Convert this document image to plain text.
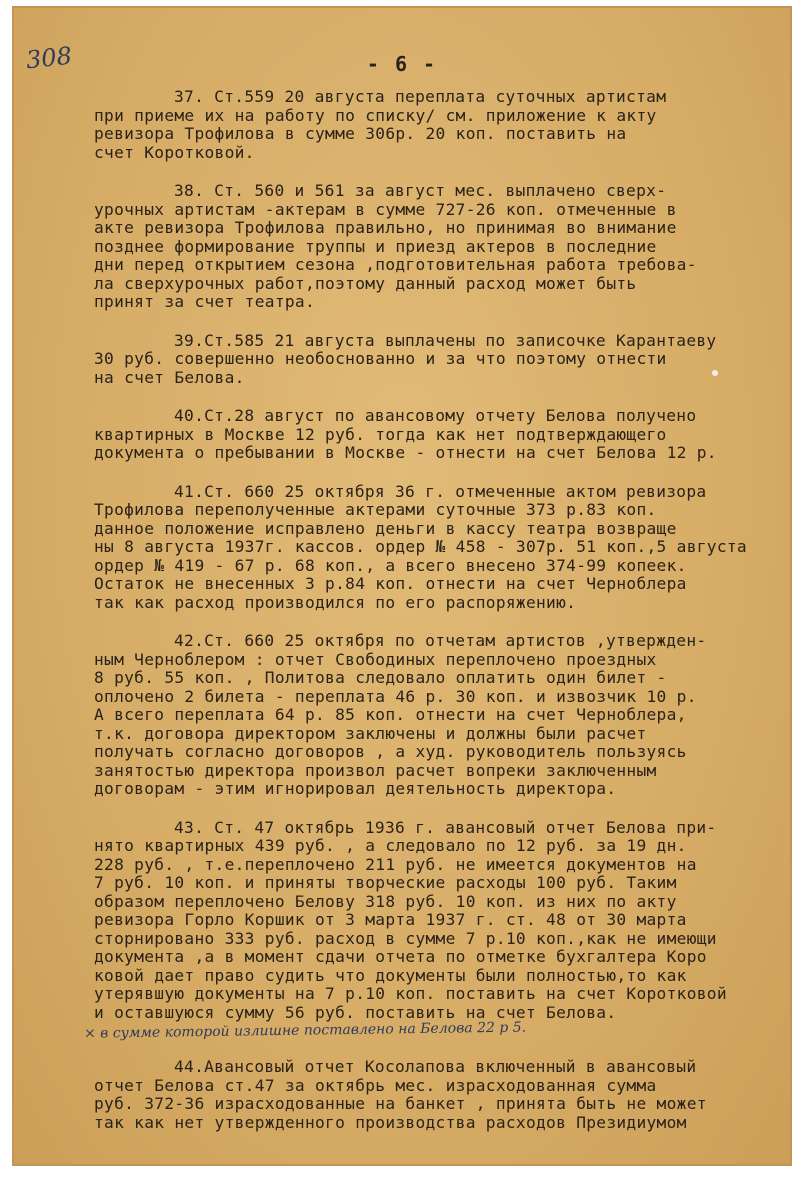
308	- 6 -
37. Ст.559 20 августа переплата суточных артистам
при приеме их на работу по списку/ см. приложение к акту
ревизора Трофилова в сумме 306р. 20 коп. поставить на
счет Коротковой.
38. Ст. 560 и 561 за август мес. выплачено сверх-
урочных артистам -актерам в сумме 727-26 коп. отмеченные в
акте ревизора Трофилова правильно, но принимая во внимание
позднее формирование труппы и приезд актеров в последние
дни перед открытием сезона ,подготовительная работа требова-
ла сверхурочных работ,поэтому данный расход может быть
принят за счет театра.
39.Ст.585 21 августа выплачены по записочке Карантаеву
30 руб. совершенно необоснованно и за что поэтому отнести
на счет Белова.
40.Ст.28 август по авансовому отчету Белова получено
квартирных в Москве 12 руб. тогда как нет подтверждающего
документа о пребывании в Москве - отнести на счет Белова 12 р.
41.Ст. 660 25 октября 36 г. отмеченные актом ревизора
Трофилова переполученные актерами суточные 373 р.83 коп.
данное положение исправлено деньги в кассу театра возвраще
ны 8 августа 1937г. кассов. ордер № 458 - 307р. 51 коп.,5 августа
ордер № 419 - 67 р. 68 коп., а всего внесено 374-99 копеек.
Остаток не внесенных 3 р.84 коп. отнести на счет Черноблера
так как расход производился по его распоряжению.
42.Ст. 660 25 октября по отчетам артистов ,утвержден-
ным Черноблером : отчет Свободиных переплочено проездных
8 руб. 55 коп. , Политова следовало оплатить один билет -
оплочено 2 билета - переплата 46 р. 30 коп. и извозчик 10 р.
А всего переплата 64 р. 85 коп. отнести на счет Черноблера,
т.к. договора директором заключены и должны были расчет
получать согласно договоров , а худ. руководитель пользуясь
занятостью директора произвол расчет вопреки заключенным
договорам - этим игнорировал деятельность директора.
43. Ст. 47 октябрь 1936 г. авансовый отчет Белова при-
нято квартирных 439 руб. , а следовало по 12 руб. за 19 дн.
228 руб. , т.е.переплочено 211 руб. не имеется документов на
7 руб. 10 коп. и приняты творческие расходы 100 руб. Таким
образом переплочено Белову 318 руб. 10 коп. из них по акту
ревизора Горло Коршик от 3 марта 1937 г. ст. 48 от 30 марта
сторнировано 333 руб. расход в сумме 7 р.10 коп.,как не имеющи
документа ,а в момент сдачи отчета по отметке бухгалтера Коро
ковой дает право судить что документы были полностью,то как
утерявшую документы на 7 р.10 коп. поставить на счет Коротковой
и оставшуюся сумму 56 руб. поставить на счет Белова.
× в сумме которой излишне поставлено на Белова 22 р 5.
44.Авансовый отчет Косолапова включенный в авансовый
отчет Белова ст.47 за октябрь мес. израсходованная сумма
руб. 372-36 израсходованные на банкет , принята быть не может
так как нет утвержденного производства расходов Президиумом
